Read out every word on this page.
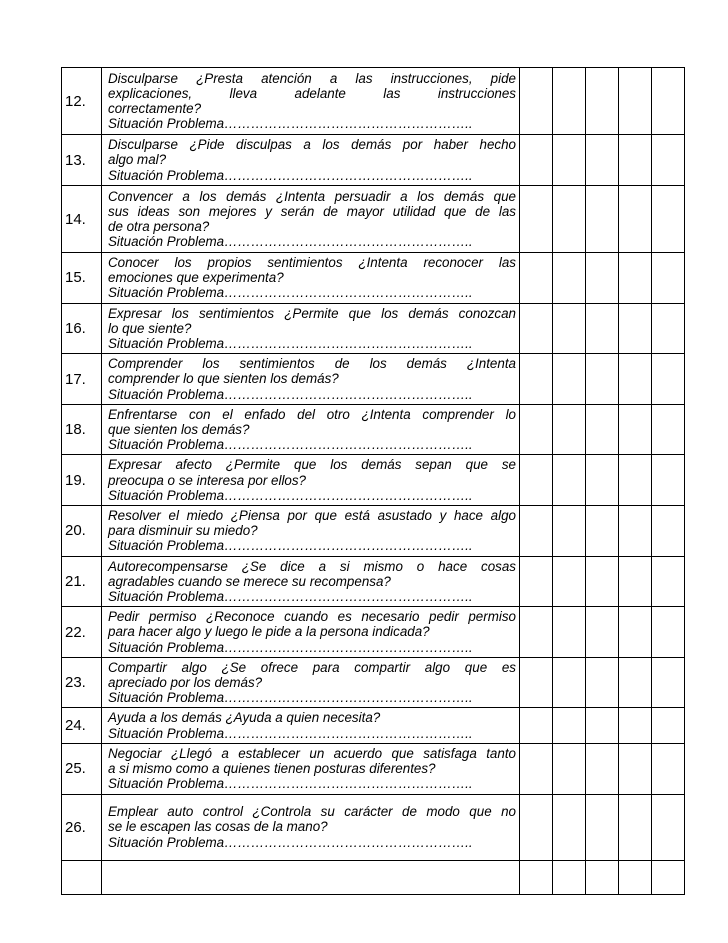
12.	Disculparse ¿Presta atención a las instrucciones, pide
explicaciones, lleva adelante las instrucciones
correctamente?
Situación Problema………………………………………………..					

13.	Disculparse ¿Pide disculpas a los demás por haber hecho
algo mal?
Situación Problema………………………………………………..					

14.	Convencer a los demás ¿Intenta persuadir a los demás que
sus ideas son mejores y serán de mayor utilidad que de las
de otra persona?
Situación Problema………………………………………………..					

15.	Conocer los propios sentimientos ¿Intenta reconocer las
emociones que experimenta?
Situación Problema………………………………………………..					

16.	Expresar los sentimientos ¿Permite que los demás conozcan
lo que siente?
Situación Problema………………………………………………..					

17.	Comprender los sentimientos de los demás ¿Intenta
comprender lo que sienten los demás?
Situación Problema………………………………………………..					

18.	Enfrentarse con el enfado del otro ¿Intenta comprender lo
que sienten los demás?
Situación Problema………………………………………………..					

19.	Expresar afecto ¿Permite que los demás sepan que se
preocupa o se interesa por ellos?
Situación Problema………………………………………………..					

20.	Resolver el miedo ¿Piensa por que está asustado y hace algo
para disminuir su miedo?
Situación Problema………………………………………………..					

21.	Autorecompensarse ¿Se dice a si mismo o hace cosas
agradables cuando se merece su recompensa?
Situación Problema………………………………………………..					

22.	Pedir permiso ¿Reconoce cuando es necesario pedir permiso
para hacer algo y luego le pide a la persona indicada?
Situación Problema………………………………………………..					

23.	Compartir algo ¿Se ofrece para compartir algo que es
apreciado por los demás?
Situación Problema………………………………………………..					

24.	Ayuda a los demás ¿Ayuda a quien necesita?
Situación Problema………………………………………………..					

25.	Negociar ¿Llegó a establecer un acuerdo que satisfaga tanto
a si mismo como a quienes tienen posturas diferentes?
Situación Problema………………………………………………..					

26.	Emplear auto control ¿Controla su carácter de modo que no
se le escapen las cosas de la mano?
Situación Problema………………………………………………..					
